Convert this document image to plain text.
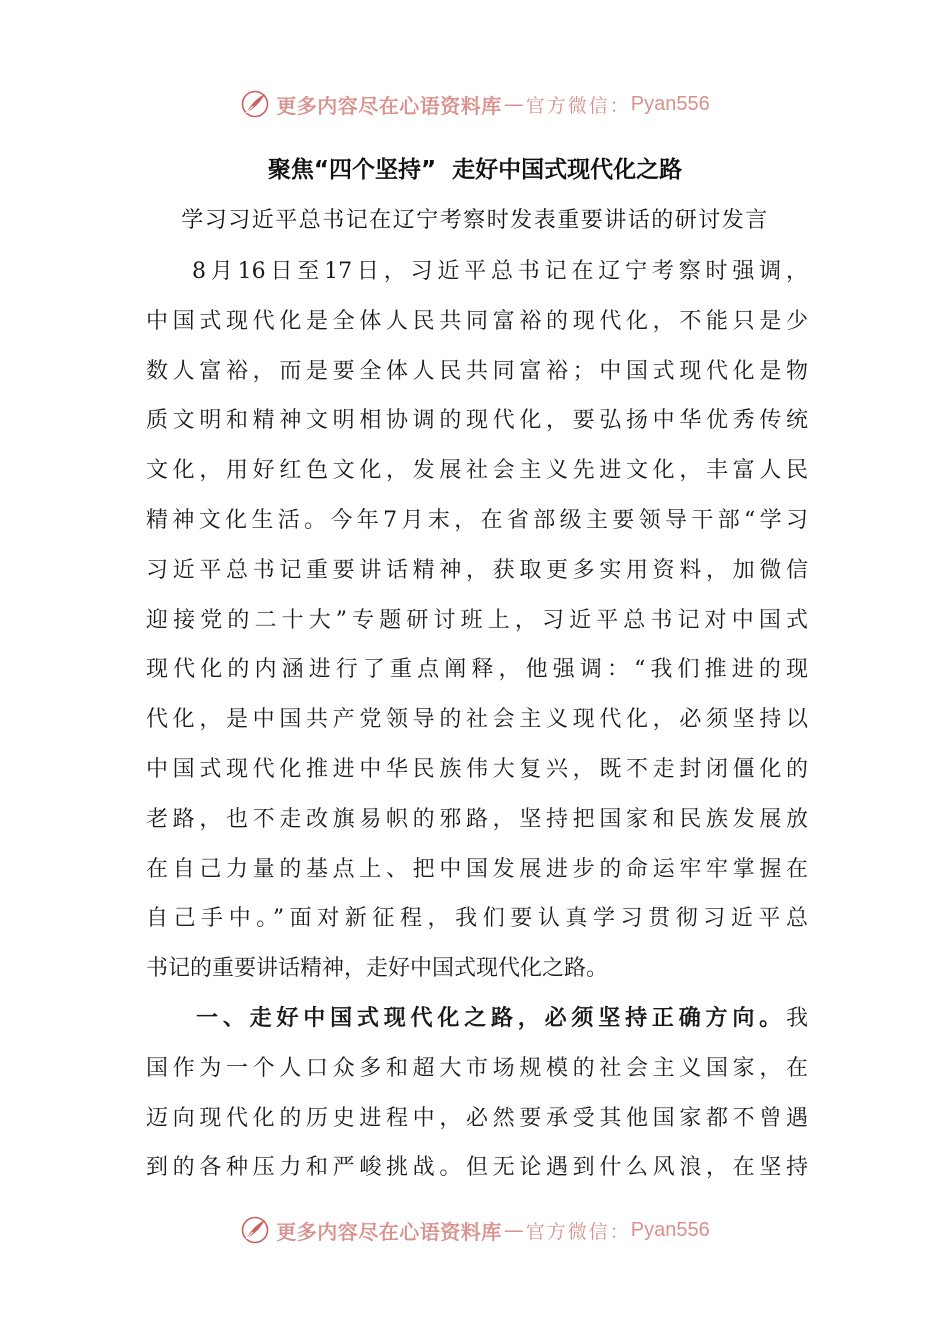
更多内容尽在心语资料库 — 官方微信： Pyan556
聚焦“四个坚持”  走好中国式现代化之路
学习习近平总书记在辽宁考察时发表重要讲话的研讨发言
8月16日至17日，习近平总书记在辽宁考察时强调，
中国式现代化是全体人民共同富裕的现代化，不能只是少
数人富裕，而是要全体人民共同富裕；中国式现代化是物
质文明和精神文明相协调的现代化，要弘扬中华优秀传统
文化，用好红色文化，发展社会主义先进文化，丰富人民
精神文化生活。今年7月末，在省部级主要领导干部“学习
习近平总书记重要讲话精神，获取更多实用资料，加微信
迎接党的二十大”专题研讨班上，习近平总书记对中国式
现代化的内涵进行了重点阐释，他强调：“我们推进的现
代化，是中国共产党领导的社会主义现代化，必须坚持以
中国式现代化推进中华民族伟大复兴，既不走封闭僵化的
老路，也不走改旗易帜的邪路，坚持把国家和民族发展放
在自己力量的基点上、把中国发展进步的命运牢牢掌握在
自己手中。”面对新征程，我们要认真学习贯彻习近平总
书记的重要讲话精神，走好中国式现代化之路。
一、走好中国式现代化之路，必须坚持正确方向。我
国作为一个人口众多和超大市场规模的社会主义国家，在
迈向现代化的历史进程中，必然要承受其他国家都不曾遇
到的各种压力和严峻挑战。但无论遇到什么风浪，在坚持
更多内容尽在心语资料库 — 官方微信： Pyan556
